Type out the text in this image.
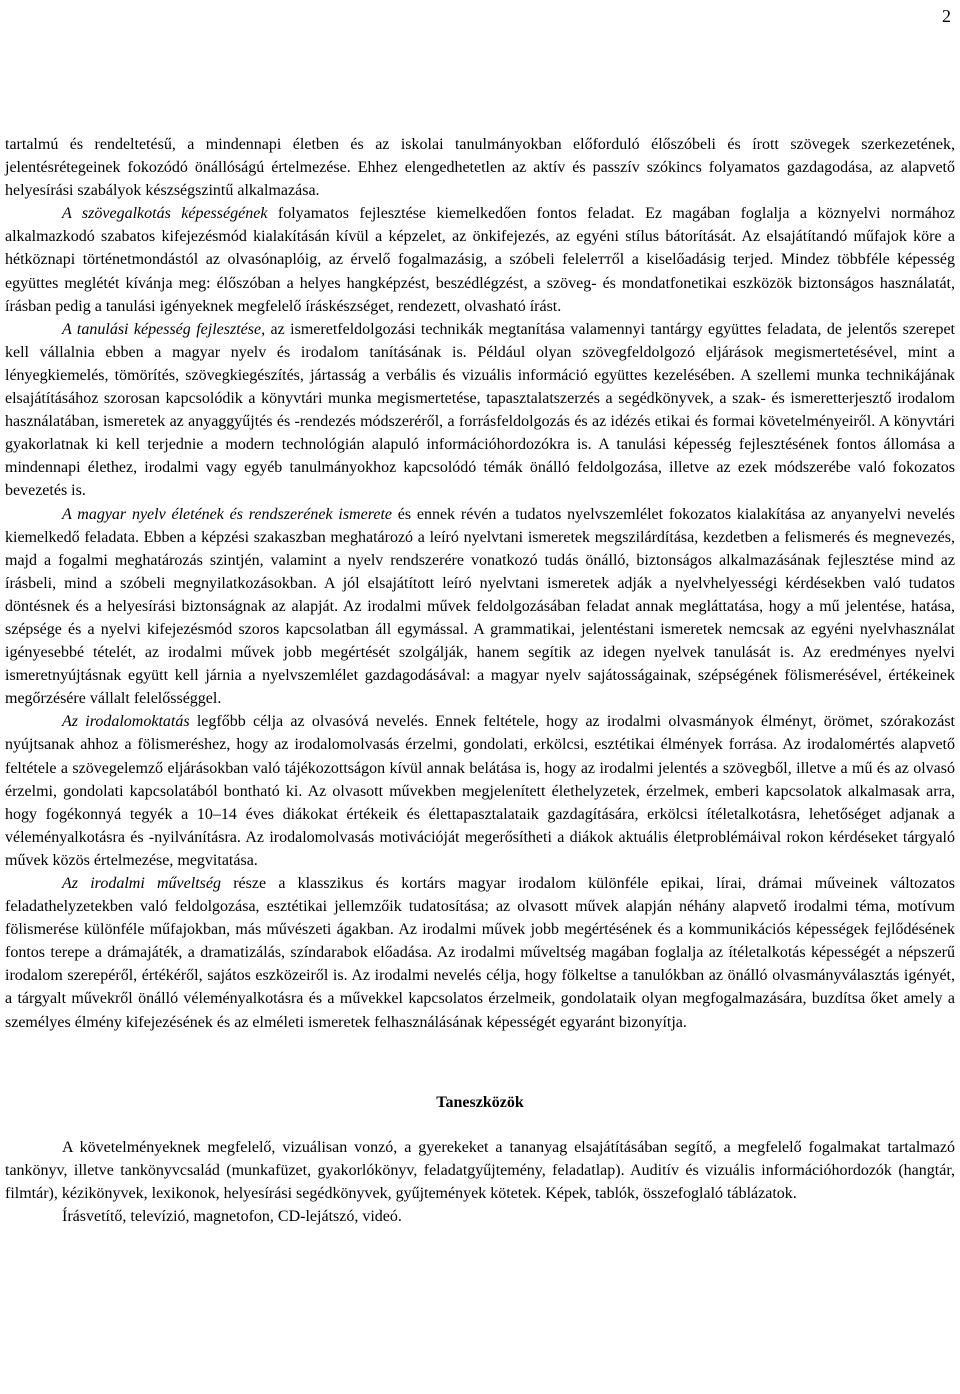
2

tartalmú és rendeltetésű, a mindennapi életben és az iskolai tanulmányokban előforduló élőszóbeli és írott szövegek szerkezetének, jelentésrétegeinek fokozódó önállóságú értelmezése. Ehhez elengedhetetlen az aktív és passzív szókincs folyamatos gazdagodása, az alapvető helyesírási szabályok készségszintű alkalmazása.

A szövegalkotás képességének folyamatos fejlesztése kiemelkedően fontos feladat. Ez magában foglalja a köznyelvi normához alkalmazkodó szabatos kifejezésmód kialakításán kívül a képzelet, az önkifejezés, az egyéni stílus bátorítását. Az elsajátítandó műfajok köre a hétköznapi történetmondástól az olvasónaplóig, az érvelő fogalmazásig, a szóbeli feleleттől a kiselőadásig terjed. Mindez többféle képesség együttes meglétét kívánja meg: élőszóban a helyes hangképzést, beszédlégzést, a szöveg- és mondatfonetikai eszközök biztonságos használatát, írásban pedig a tanulási igényeknek megfelelő íráskészséget, rendezett, olvasható írást.

A tanulási képesség fejlesztése, az ismeretfeldolgozási technikák megtanítása valamennyi tantárgy együttes feladata, de jelentős szerepet kell vállalnia ebben a magyar nyelv és irodalom tanításának is. Például olyan szövegfeldolgozó eljárások megismertetésével, mint a lényegkiemelés, tömörítés, szövegkiegészítés, jártasság a verbális és vizuális információ együttes kezelésében. A szellemi munka technikájának elsajátításához szorosan kapcsolódik a könyvtári munka megismertetése, tapasztalatszerzés a segédkönyvek, a szak- és ismeretterjesztő irodalom használatában, ismeretek az anyaggyűjtés és -rendezés módszeréről, a forrásfeldolgozás és az idézés etikai és formai követelményeiről. A könyvtári gyakorlatnak ki kell terjednie a modern technológián alapuló információhordozókra is. A tanulási képesség fejlesztésének fontos állomása a mindennapi élethez, irodalmi vagy egyéb tanulmányokhoz kapcsolódó témák önálló feldolgozása, illetve az ezek módszerébe való fokozatos bevezetés is.

A magyar nyelv életének és rendszerének ismerete és ennek révén a tudatos nyelvszemlélet fokozatos kialakítása az anyanyelvi nevelés kiemelkedő feladata. Ebben a képzési szakaszban meghatározó a leíró nyelvtani ismeretek megszilárdítása, kezdetben a felismerés és megnevezés, majd a fogalmi meghatározás szintjén, valamint a nyelv rendszerére vonatkozó tudás önálló, biztonságos alkalmazásának fejlesztése mind az írásbeli, mind a szóbeli megnyilatkozásokban. A jól elsajátított leíró nyelvtani ismeretek adják a nyelvhelyességi kérdésekben való tudatos döntésnek és a helyesírási biztonságnak az alapját. Az irodalmi művek feldolgozásában feladat annak megláttatása, hogy a mű jelentése, hatása, szépsége és a nyelvi kifejezésmód szoros kapcsolatban áll egymással. A grammatikai, jelentéstani ismeretek nemcsak az egyéni nyelvhasználat igényesebbé tételét, az irodalmi művek jobb megértését szolgálják, hanem segítik az idegen nyelvek tanulását is. Az eredményes nyelvi ismeretnyújtásnak együtt kell járnia a nyelvszemlélet gazdagodásával: a magyar nyelv sajátosságainak, szépségének fölismerésével, értékeinek megőrzésére vállalt felelősséggel.

Az irodalomoktatás legfőbb célja az olvasóvá nevelés. Ennek feltétele, hogy az irodalmi olvasmányok élményt, örömet, szórakozást nyújtsanak ahhoz a fölismeréshez, hogy az irodalomolvasás érzelmi, gondolati, erkölcsi, esztétikai élmények forrása. Az irodalomértés alapvető feltétele a szövegelemző eljárásokban való tájékozottságon kívül annak belátása is, hogy az irodalmi jelentés a szövegből, illetve a mű és az olvasó érzelmi, gondolati kapcsolatából bontható ki. Az olvasott művekben megjelenített élethelyzetek, érzelmek, emberi kapcsolatok alkalmasak arra, hogy fogékonnyá tegyék a 10–14 éves diákokat értékeik és élettapasztalataik gazdagítására, erkölcsi ítéletalkotásra, lehetőséget adjanak a véleményalkotásra és -nyilvánításra. Az irodalomolvasás motivációját megerősítheti a diákok aktuális életproblémáival rokon kérdéseket tárgyaló művek közös értelmezése, megvitatása.

Az irodalmi műveltség része a klasszikus és kortárs magyar irodalom különféle epikai, lírai, drámai műveinek változatos feladathelyzetekben való feldolgozása, esztétikai jellemzőik tudatosítása; az olvasott művek alapján néhány alapvető irodalmi téma, motívum fölismerése különféle műfajokban, más művészeti ágakban. Az irodalmi művek jobb megértésének és a kommunikációs képességek fejlődésének fontos terepe a drámajáték, a dramatizálás, színdarabok előadása. Az irodalmi műveltség magában foglalja az ítéletalkotás képességét a népszerű irodalom szerepéről, értékéről, sajátos eszközeiről is. Az irodalmi nevelés célja, hogy fölkeltse a tanulókban az önálló olvasmányválasztás igényét, a tárgyalt művekről önálló véleményalkotásra és a művekkel kapcsolatos érzelmeik, gondolataik olyan megfogalmazására, buzdítsa őket amely a személyes élmény kifejezésének és az elméleti ismeretek felhasználásának képességét egyaránt bizonyítja.

Taneszközök

A követelményeknek megfelelő, vizuálisan vonzó, a gyerekeket a tananyag elsajátításában segítő, a megfelelő fogalmakat tartalmazó tankönyv, illetve tankönyvcsalád (munkafüzet, gyakorlókönyv, feladatgyűjtemény, feladatlap). Auditív és vizuális információhordozók (hangtár, filmtár), kézikönyvek, lexikonok, helyesírási segédkönyvek, gyűjtemények kötetek. Képek, tablók, összefoglaló táblázatok.

Írásvetítő, televízió, magnetofon, CD-lejátszó, videó.
